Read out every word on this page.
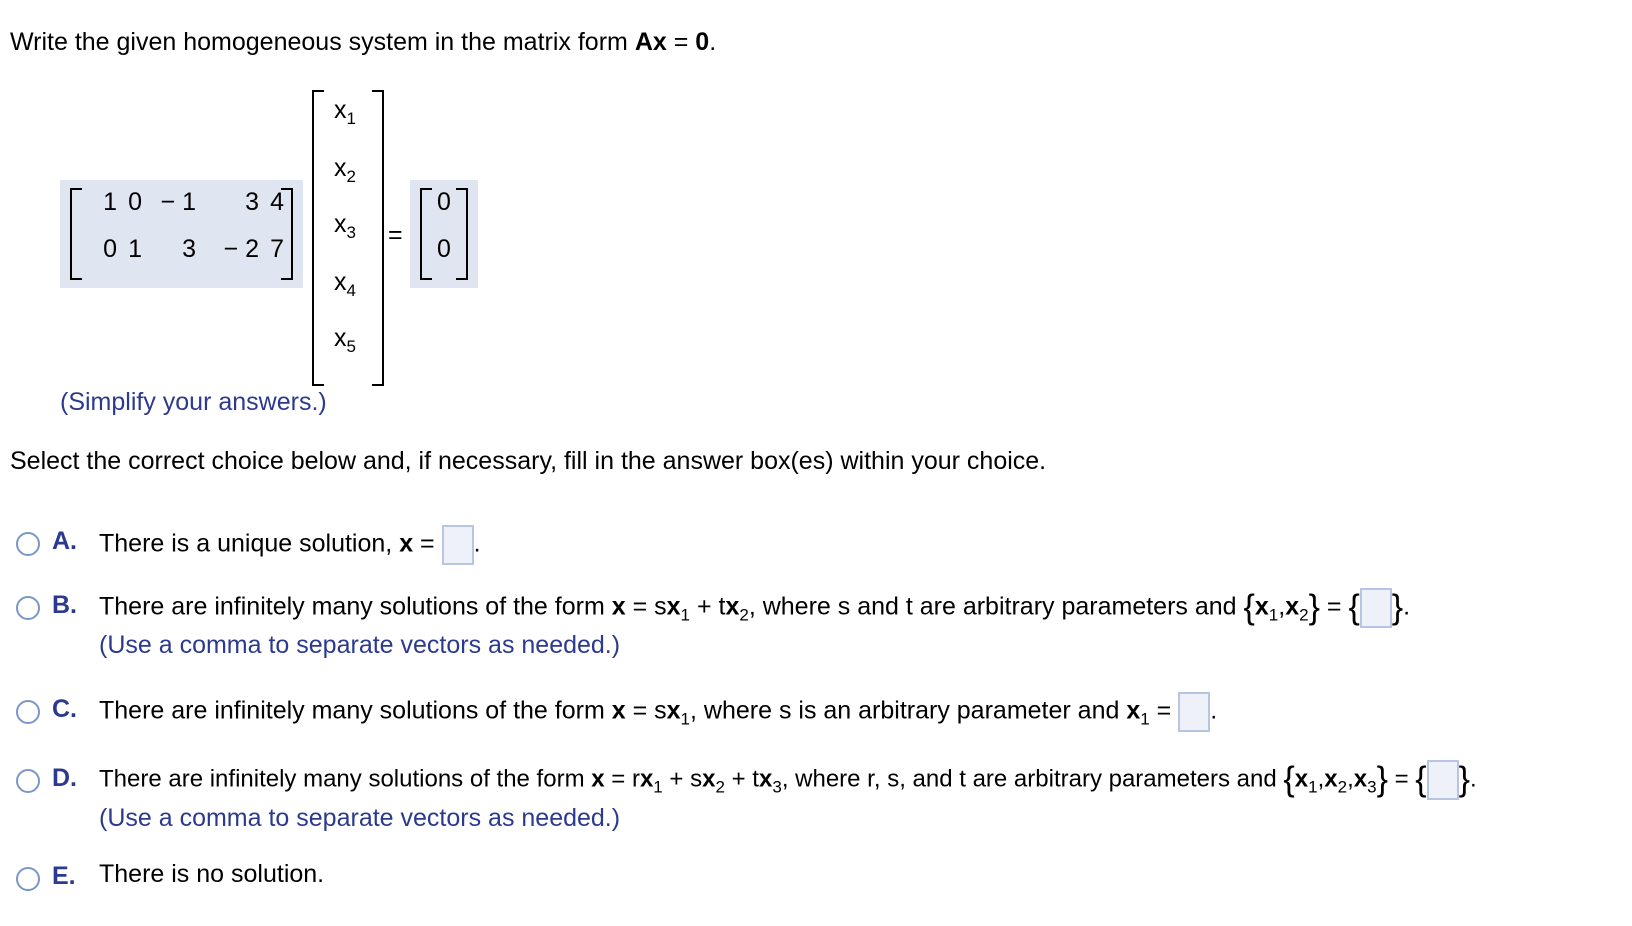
Write the given homogeneous system in the matrix form Ax = 0.
1 0 − 1	3 4
0 1	3 − 2 7
$x_1$
$x_2$
$x_3$
$x_4$
$x_5$
=
0
0
(Simplify your answers.)
Select the correct choice below and, if necessary, fill in the answer box(es) within your choice.
A. There is a unique solution, x = .
B. There are infinitely many solutions of the form $x = sx_1 + tx_2$, where s and t are arbitrary parameters and $\{x_1,x_2\}$ = { }.
(Use a comma to separate vectors as needed.)
C. There are infinitely many solutions of the form $x = sx_1$, where s is an arbitrary parameter and $x_1$ = .
D. There are infinitely many solutions of the form $x = rx_1 + sx_2 + tx_3$, where r, s, and t are arbitrary parameters and $\{x_1,x_2,x_3\}$ = { }.
(Use a comma to separate vectors as needed.)
E. There is no solution.
